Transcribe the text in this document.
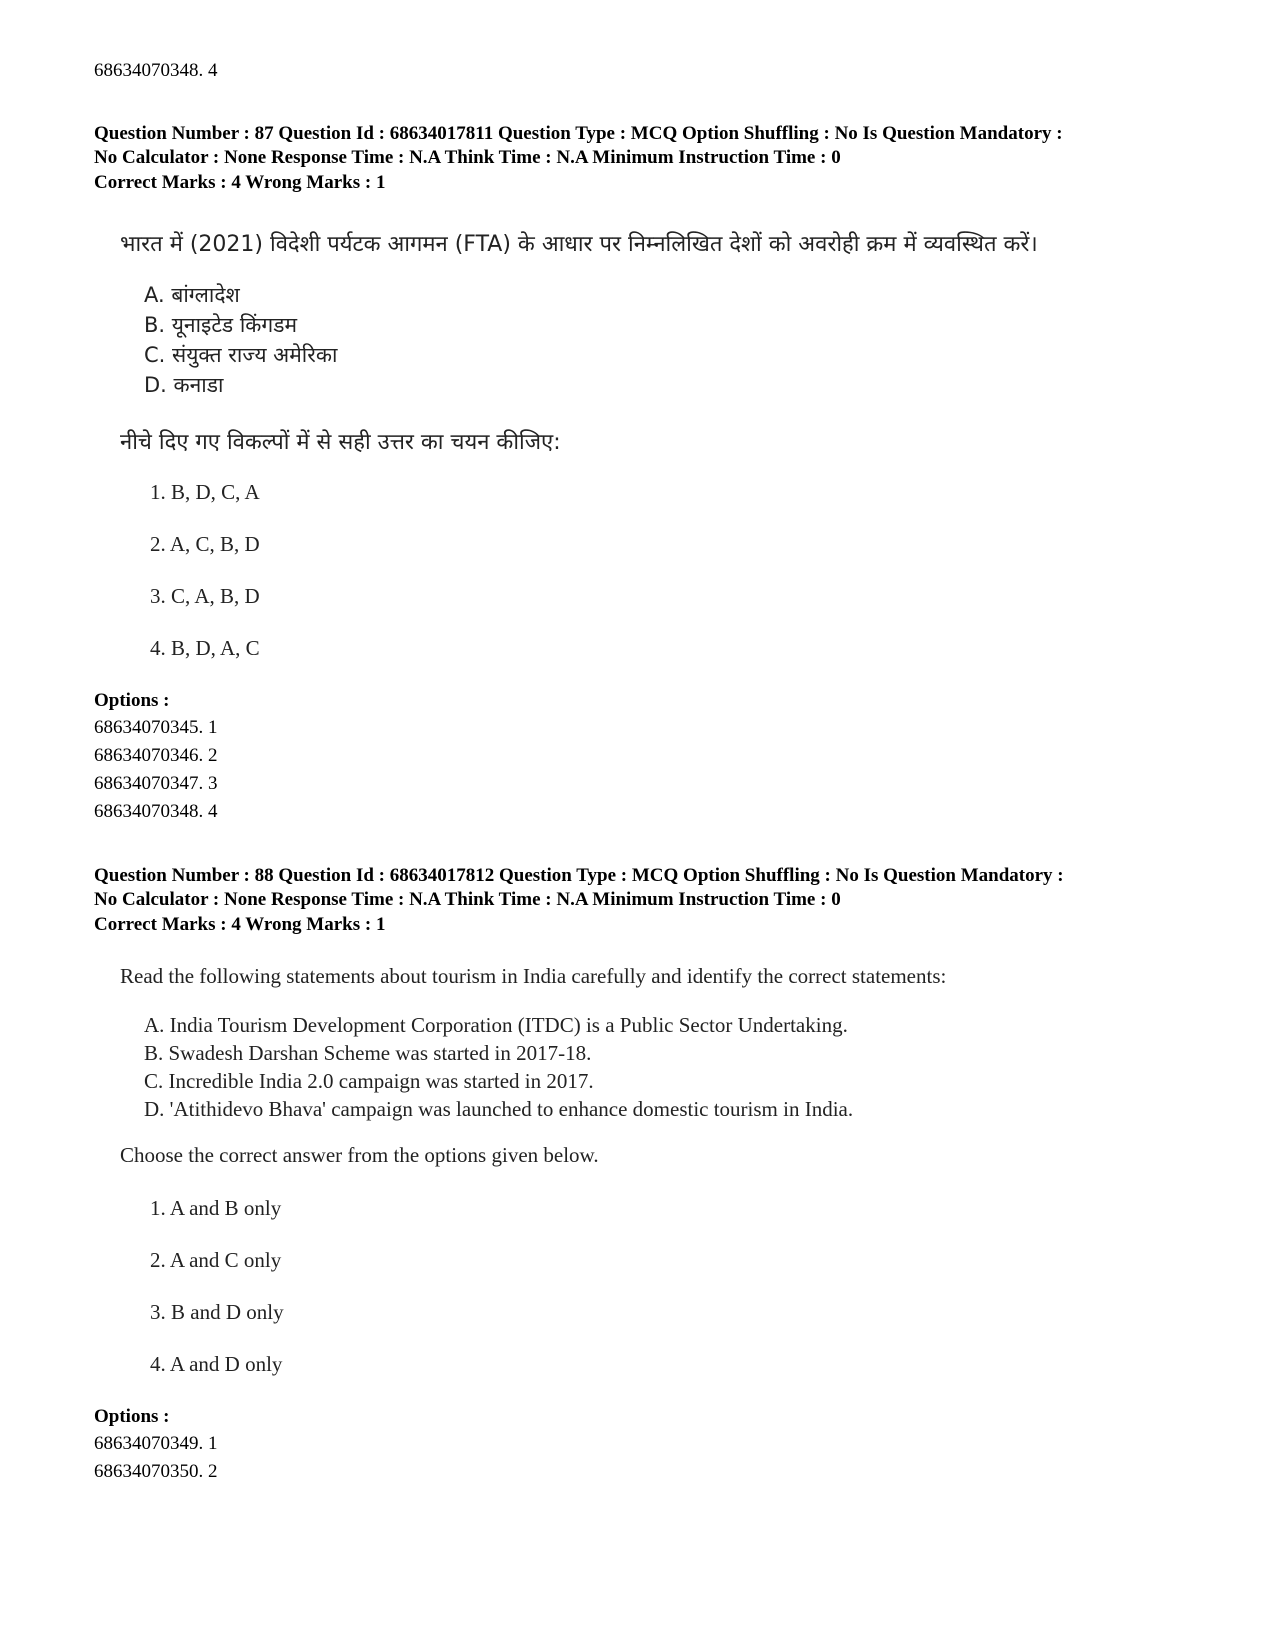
68634070348. 4
Question Number : 87 Question Id : 68634017811 Question Type : MCQ Option Shuffling : No Is Question Mandatory :
No Calculator : None Response Time : N.A Think Time : N.A Minimum Instruction Time : 0
Correct Marks : 4 Wrong Marks : 1
भारत में (2021) विदेशी पर्यटक आगमन (FTA) के आधार पर निम्नलिखित देशों को अवरोही क्रम में व्यवस्थित करें।
A. बांग्लादेश
B. यूनाइटेड किंगडम
C. संयुक्त राज्य अमेरिका
D. कनाडा
नीचे दिए गए विकल्पों में से सही उत्तर का चयन कीजिए:
1. B, D, C, A
2. A, C, B, D
3. C, A, B, D
4. B, D, A, C
Options :
68634070345. 1
68634070346. 2
68634070347. 3
68634070348. 4
Question Number : 88 Question Id : 68634017812 Question Type : MCQ Option Shuffling : No Is Question Mandatory :
No Calculator : None Response Time : N.A Think Time : N.A Minimum Instruction Time : 0
Correct Marks : 4 Wrong Marks : 1
Read the following statements about tourism in India carefully and identify the correct statements:
A. India Tourism Development Corporation (ITDC) is a Public Sector Undertaking.
B. Swadesh Darshan Scheme was started in 2017-18.
C. Incredible India 2.0 campaign was started in 2017.
D. 'Atithidevo Bhava' campaign was launched to enhance domestic tourism in India.
Choose the correct answer from the options given below.
1. A and B only
2. A and C only
3. B and D only
4. A and D only
Options :
68634070349. 1
68634070350. 2
